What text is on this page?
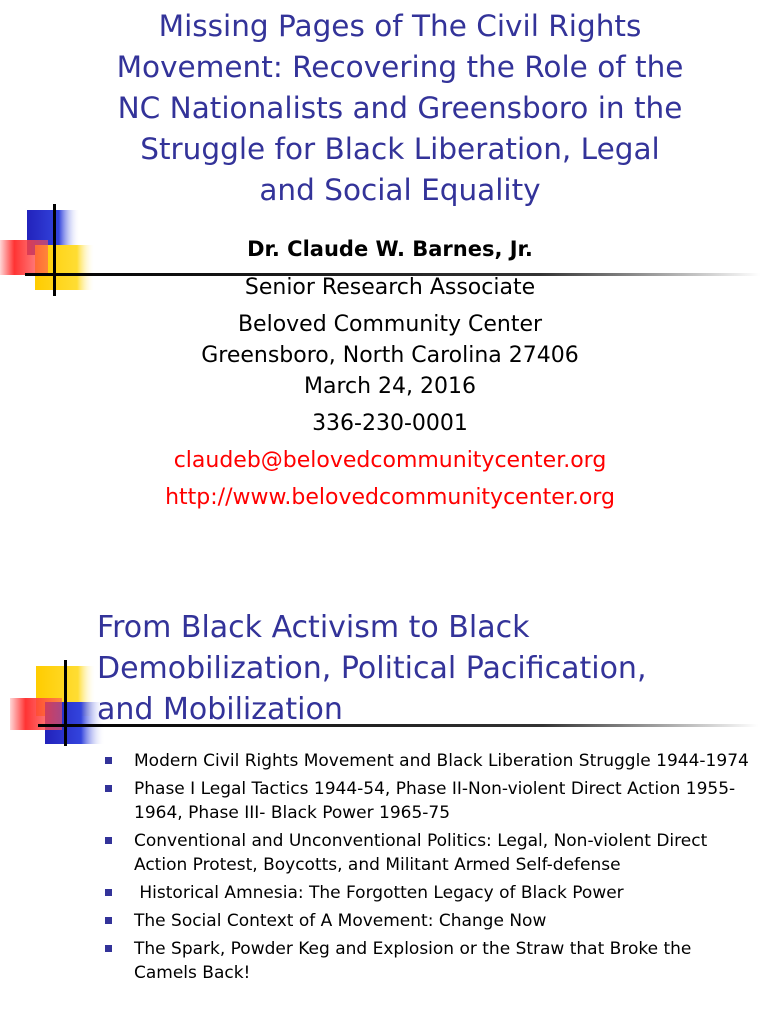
Missing Pages of The Civil Rights
Movement: Recovering the Role of the
NC Nationalists and Greensboro in the
Struggle for Black Liberation, Legal
and Social Equality
Dr. Claude W. Barnes, Jr.
Senior Research Associate
Beloved Community Center
Greensboro, North Carolina 27406
March 24, 2016
336-230-0001
claudeb@belovedcommunitycenter.org
http://www.belovedcommunitycenter.org
From Black Activism to Black
Demobilization, Political Pacification,
and Mobilization
Modern Civil Rights Movement and Black Liberation Struggle 1944-1974
Phase I Legal Tactics 1944-54, Phase II-Non-violent Direct Action 1955-1964, Phase III- Black Power 1965-75
Conventional and Unconventional Politics: Legal, Non-violent Direct Action Protest, Boycotts, and Militant Armed Self-defense
Historical Amnesia: The Forgotten Legacy of Black Power
The Social Context of A Movement: Change Now
The Spark, Powder Keg and Explosion or the Straw that Broke the Camels Back!
